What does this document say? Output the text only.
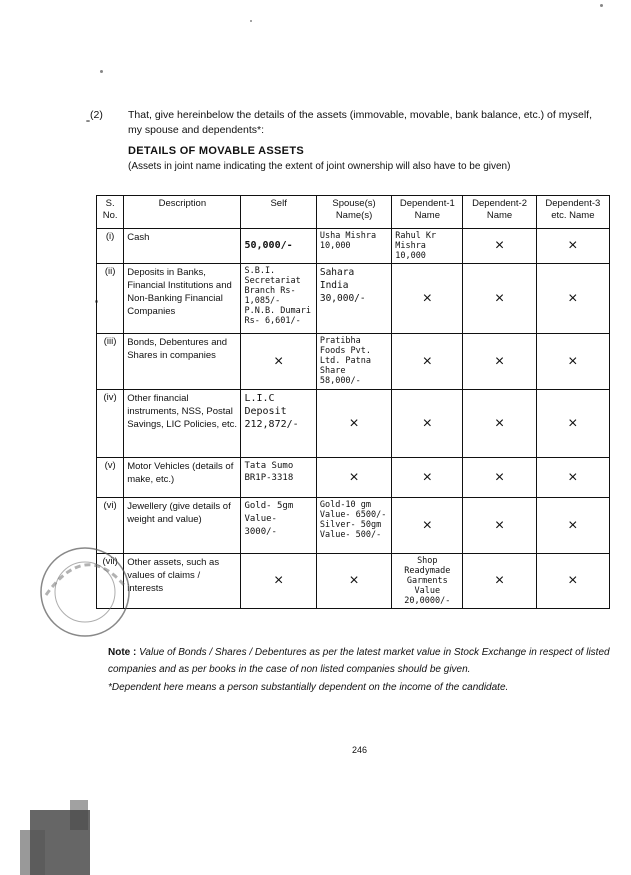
(2) That, give hereinbelow the details of the assets (immovable, movable, bank balance, etc.) of myself, my spouse and dependents*:
DETAILS OF MOVABLE ASSETS
(Assets in joint name indicating the extent of joint ownership will also have to be given)
S. No.	Description	Self	Spouse(s) Name(s)	Dependent-1 Name	Dependent-2 Name	Dependent-3 etc. Name
(i)	Cash	50,000/-	Usha Mishra 10,000	Rahul Kr Mishra 10,000	×	×
(ii)	Deposits in Banks, Financial Institutions and Non-Banking Financial Companies	S.B.I. Secretariat Branch Rs- 1,085/- P.N.B. Dumari Rs- 6,601/-	Sahara India 30,000/-	×	×	×
(iii)	Bonds, Debentures and Shares in companies	×	Pratibha Foods Pvt. Ltd. Patna Share 58,000/-	×	×	×
(iv)	Other financial instruments, NSS, Postal Savings, LIC Policies, etc.	L.I.C Deposit 212,872/-	×	×	×	×
(v)	Motor Vehicles (details of make, etc.)	Tata Sumo BR1P-3318	×	×	×	×
(vi)	Jewellery (give details of weight and value)	Gold- 5gm Value- 3000/-	Gold-10 gm Value- 6500/- Silver- 50gm Value- 500/-	×	×	×
(vii)	Other assets, such as values of claims / interests	×	×	Shop Readymade Garments Value 20,0000/-	×	×
Note : Value of Bonds / Shares / Debentures as per the latest market value in Stock Exchange in respect of listed companies and as per books in the case of non listed companies should be given.
*Dependent here means a person substantially dependent on the income of the candidate.
246
